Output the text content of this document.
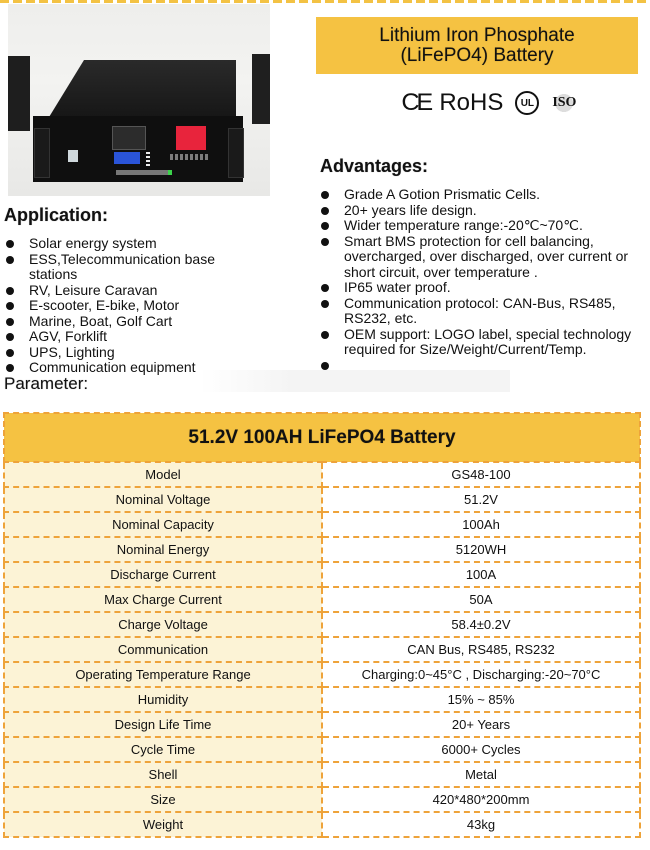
Lithium Iron Phosphate
(LiFePO4) Battery
CE RoHS	UL	ISO
Advantages:
Grade A Gotion Prismatic Cells.
20+ years life design.
Wider temperature range:-20℃~70℃.
Smart BMS protection for cell balancing, overcharged, over discharged, over current or short circuit, over temperature .
IP65 water proof.
Communication protocol: CAN-Bus, RS485, RS232, etc.
OEM support: LOGO label, special technology required for Size/Weight/Current/Temp.
Application:
Solar energy system
ESS,Telecommunication base stations
RV, Leisure Caravan
E-scooter, E-bike, Motor
Marine, Boat, Golf Cart
AGV, Forklift
UPS, Lighting
Communication equipment
Parameter:
51.2V 100AH LiFePO4 Battery	
Model	GS48-100
Nominal Voltage	51.2V
Nominal Capacity	100Ah
Nominal Energy	5120WH
Discharge Current	100A
Max Charge Current	50A
Charge Voltage	58.4±0.2V
Communication	CAN Bus, RS485, RS232
Operating Temperature Range	Charging:0~45°C , Discharging:-20~70°C
Humidity	15% ~ 85%
Design Life Time	20+ Years
Cycle Time	6000+ Cycles
Shell	Metal
Size	420*480*200mm
Weight	43kg
